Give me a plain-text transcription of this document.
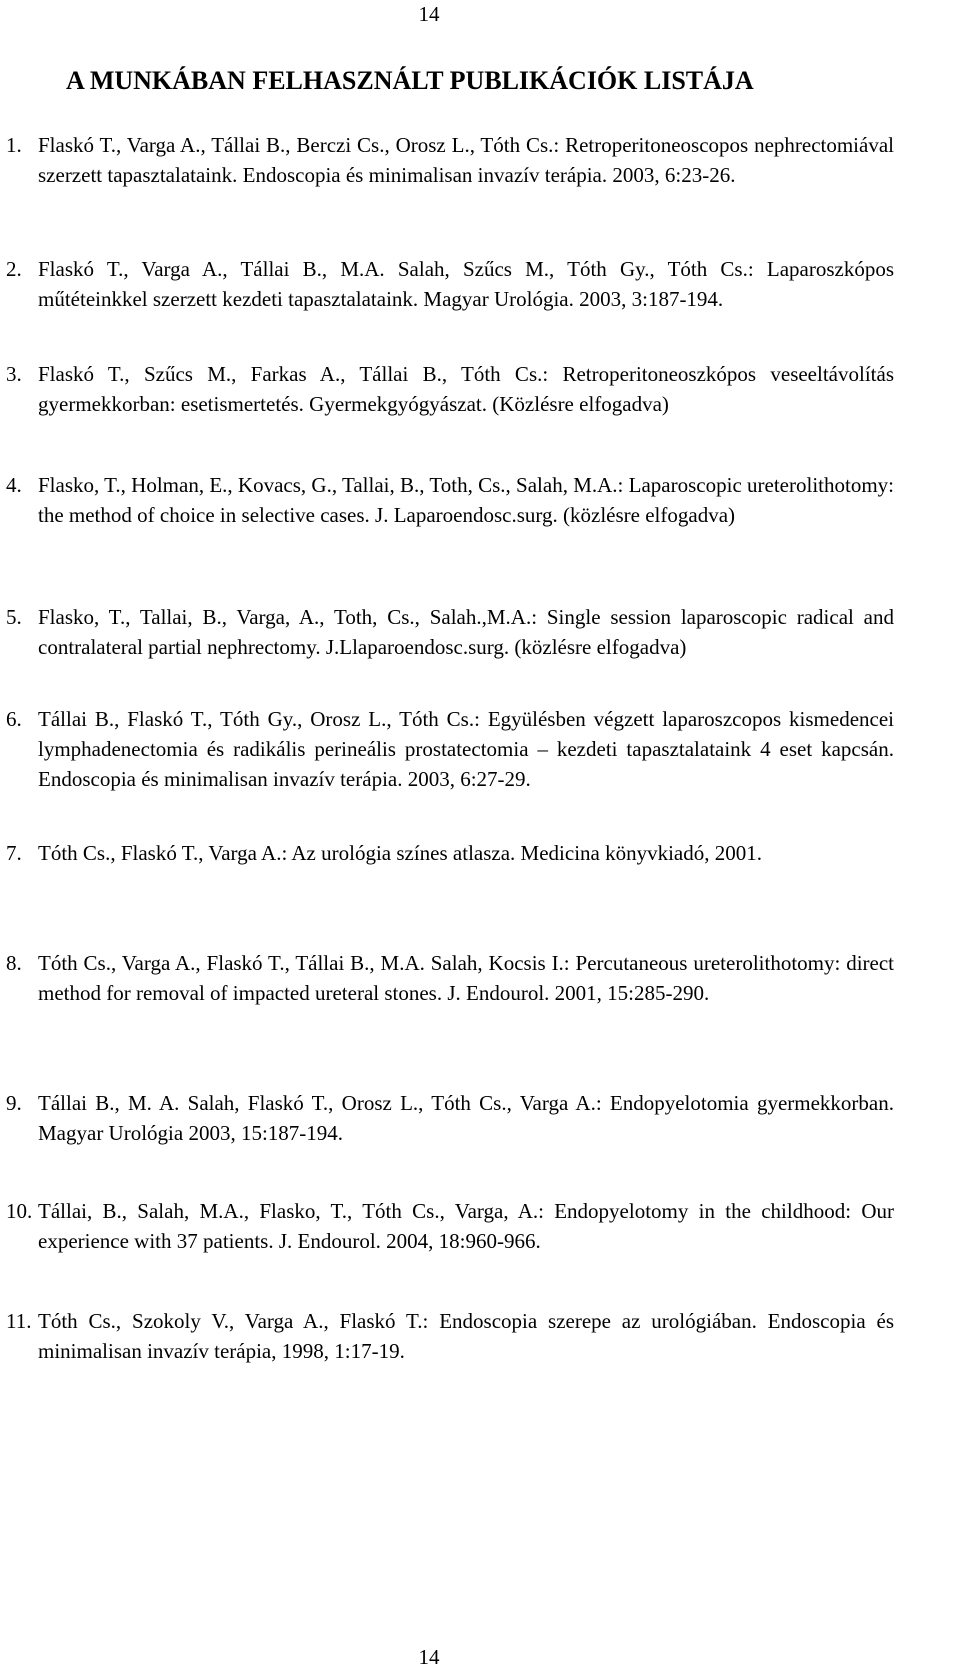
14
A MUNKÁBAN FELHASZNÁLT PUBLIKÁCIÓK LISTÁJA
1. Flaskó T., Varga A., Tállai B., Berczi Cs., Orosz L., Tóth Cs.: Retroperitoneoscopos nephrectomiával szerzett tapasztalataink. Endoscopia és minimalisan invazív terápia. 2003, 6:23-26.
2. Flaskó T., Varga A., Tállai B., M.A. Salah, Szűcs M., Tóth Gy., Tóth Cs.: Laparoszkópos műtéteinkkel szerzett kezdeti tapasztalataink. Magyar Urológia. 2003, 3:187-194.
3. Flaskó T., Szűcs M., Farkas A., Tállai B., Tóth Cs.: Retroperitoneoszkópos veseeltávolítás gyermekkorban: esetismertetés. Gyermekgyógyászat. (Közlésre elfogadva)
4. Flasko, T., Holman, E., Kovacs, G., Tallai, B., Toth, Cs., Salah, M.A.: Laparoscopic ureterolithotomy: the method of choice in selective cases. J. Laparoendosc.surg. (közlésre elfogadva)
5. Flasko, T., Tallai, B., Varga, A., Toth, Cs., Salah.,M.A.: Single session laparoscopic radical and contralateral partial nephrectomy. J.Llaparoendosc.surg. (közlésre elfogadva)
6. Tállai B., Flaskó T., Tóth Gy., Orosz L., Tóth Cs.: Együlésben végzett laparoszcopos kismedencei lymphadenectomia és radikális perineális prostatectomia – kezdeti tapasztalataink 4 eset kapcsán. Endoscopia és minimalisan invazív terápia. 2003, 6:27-29.
7. Tóth Cs., Flaskó T., Varga A.: Az urológia színes atlasza. Medicina könyvkiadó, 2001.
8. Tóth Cs., Varga A., Flaskó T., Tállai B., M.A. Salah, Kocsis I.: Percutaneous ureterolithotomy: direct method for removal of impacted ureteral stones. J. Endourol. 2001, 15:285-290.
9. Tállai B., M. A. Salah, Flaskó T., Orosz L., Tóth Cs., Varga A.: Endopyelotomia gyermekkorban. Magyar Urológia 2003, 15:187-194.
10. Tállai, B., Salah, M.A., Flasko, T., Tóth Cs., Varga, A.: Endopyelotomy in the childhood: Our experience with 37 patients. J. Endourol. 2004, 18:960-966.
11. Tóth Cs., Szokoly V., Varga A., Flaskó T.: Endoscopia szerepe az urológiában. Endoscopia és minimalisan invazív terápia, 1998, 1:17-19.
14
